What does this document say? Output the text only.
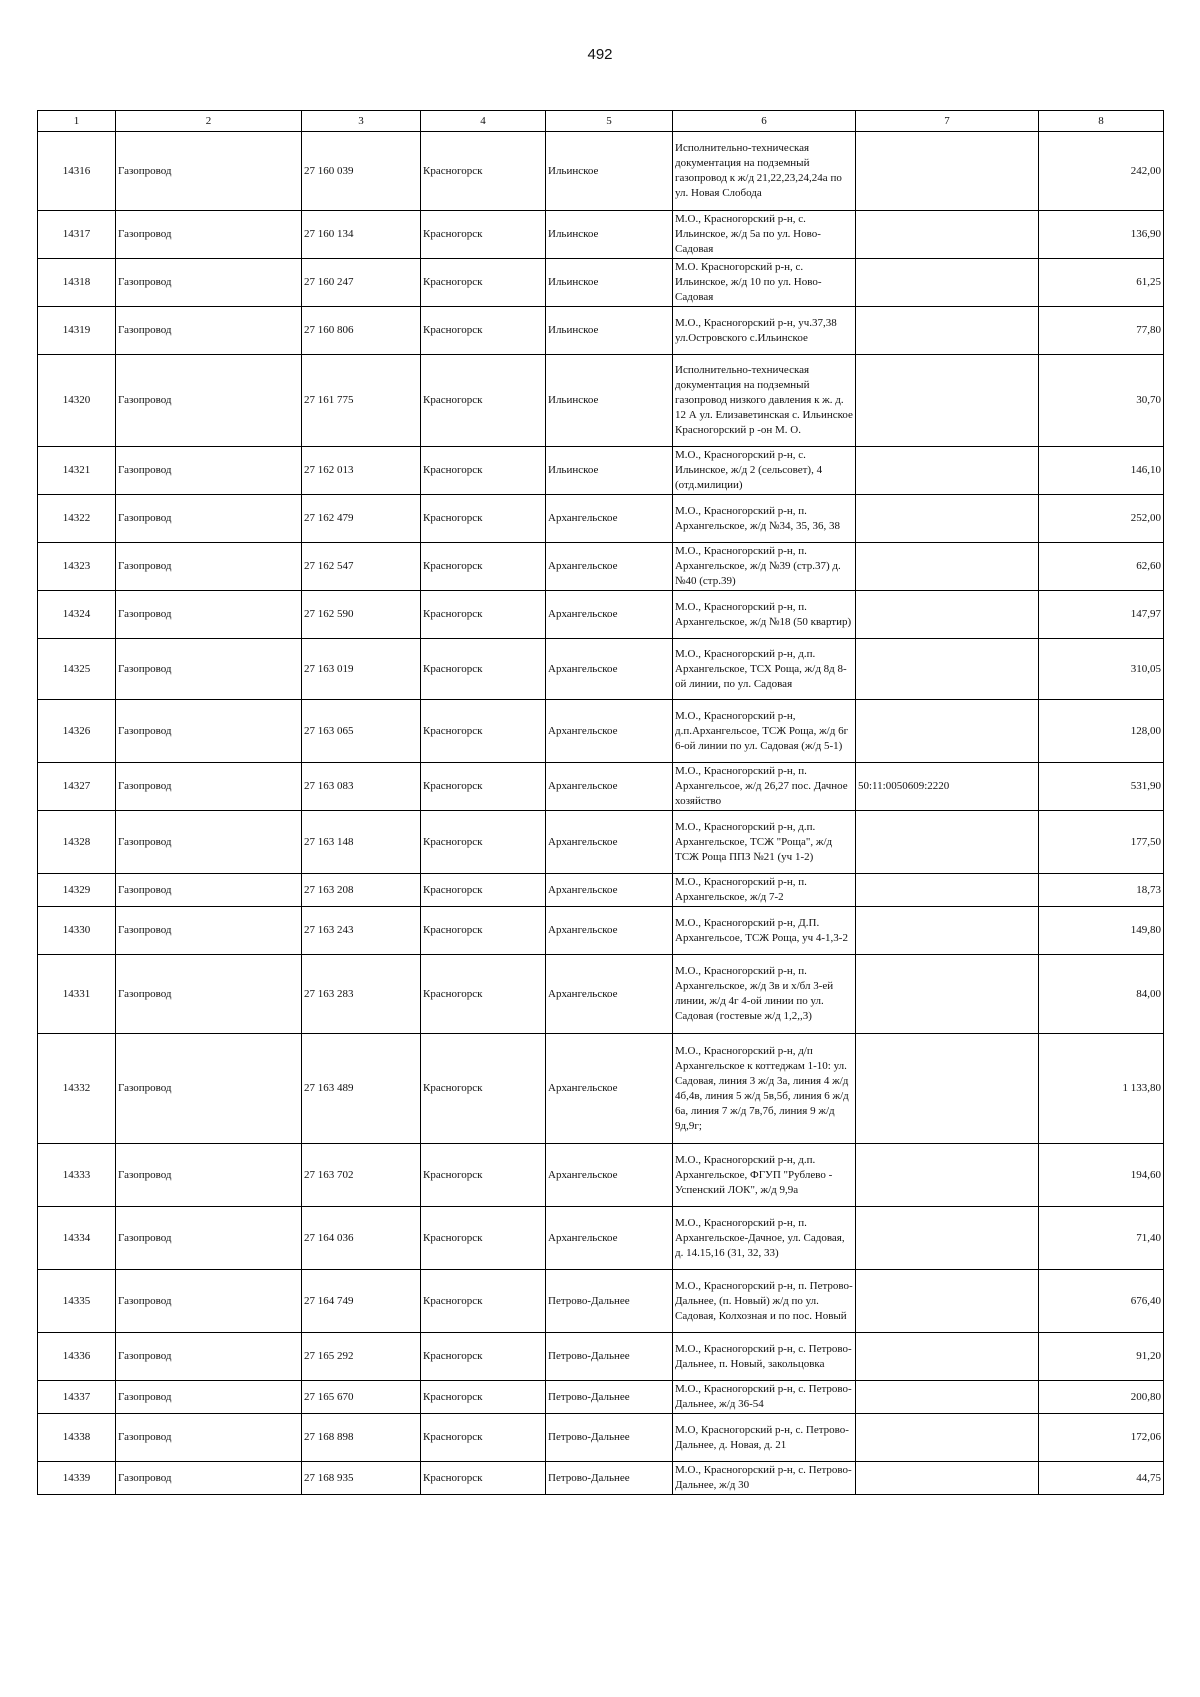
492
1	2	3	4	5	6	7	8
14316	Газопровод	27 160 039	Красногорск	Ильинское	Исполнительно-техническая документация на подземный газопровод к ж/д 21,22,23,24,24а по ул. Новая Слобода		242,00
14317	Газопровод	27 160 134	Красногорск	Ильинское	М.О., Красногорский р-н, с. Ильинское, ж/д 5а по ул. Ново-Садовая		136,90
14318	Газопровод	27 160 247	Красногорск	Ильинское	М.О. Красногорский р-н, с. Ильинское, ж/д 10 по ул. Ново-Садовая		61,25
14319	Газопровод	27 160 806	Красногорск	Ильинское	М.О., Красногорский р-н, уч.37,38 ул.Островского с.Ильинское		77,80
14320	Газопровод	27 161 775	Красногорск	Ильинское	Исполнительно-техническая документация на подземный газопровод низкого давления к ж. д. 12 А ул. Елизаветинская с. Ильинское Красногорский р -он М. О.		30,70
14321	Газопровод	27 162 013	Красногорск	Ильинское	М.О., Красногорский р-н, с. Ильинское, ж/д 2 (сельсовет), 4 (отд.милиции)		146,10
14322	Газопровод	27 162 479	Красногорск	Архангельское	М.О., Красногорский р-н, п. Архангельское, ж/д №34, 35, 36, 38		252,00
14323	Газопровод	27 162 547	Красногорск	Архангельское	М.О., Красногорский р-н, п. Архангельское, ж/д №39 (стр.37) д.№40 (стр.39)		62,60
14324	Газопровод	27 162 590	Красногорск	Архангельское	М.О., Красногорский р-н, п. Архангельское, ж/д №18 (50 квартир)		147,97
14325	Газопровод	27 163 019	Красногорск	Архангельское	М.О., Красногорский р-н, д.п. Архангельское, ТСХ Роща, ж/д 8д 8-ой линии, по ул. Садовая		310,05
14326	Газопровод	27 163 065	Красногорск	Архангельское	М.О., Красногорский р-н, д.п.Архангельсое, ТСЖ Роща, ж/д 6г 6-ой линии по ул. Садовая (ж/д 5-1)		128,00
14327	Газопровод	27 163 083	Красногорск	Архангельское	М.О., Красногорский р-н, п. Архангельсое, ж/д 26,27 пос. Дачное хозяйство	50:11:0050609:2220	531,90
14328	Газопровод	27 163 148	Красногорск	Архангельское	М.О., Красногорский р-н, д.п. Архангельское, ТСЖ "Роща", ж/д ТСЖ Роща ППЗ №21 (уч 1-2)		177,50
14329	Газопровод	27 163 208	Красногорск	Архангельское	М.О., Красногорский р-н, п. Архангельское, ж/д 7-2		18,73
14330	Газопровод	27 163 243	Красногорск	Архангельское	М.О., Красногорский р-н, Д.П. Архангельсое, ТСЖ Роща, уч 4-1,3-2		149,80
14331	Газопровод	27 163 283	Красногорск	Архангельское	М.О., Красногорский р-н, п. Архангельское, ж/д 3в и х/бл 3-ей линии, ж/д 4г 4-ой линии по ул. Садовая (гостевые ж/д 1,2,,3)		84,00
14332	Газопровод	27 163 489	Красногорск	Архангельское	М.О., Красногорский р-н, д/п Архангельское к коттеджам 1-10: ул. Садовая, линия 3 ж/д 3а, линия 4 ж/д 4б,4в, линия 5 ж/д 5в,5б, линия 6 ж/д 6а, линия 7 ж/д 7в,7б, линия 9 ж/д 9д,9г;		1 133,80
14333	Газопровод	27 163 702	Красногорск	Архангельское	М.О., Красногорский р-н, д.п. Архангельское, ФГУП "Рублево - Успенский ЛОК", ж/д 9,9а		194,60
14334	Газопровод	27 164 036	Красногорск	Архангельское	М.О., Красногорский р-н, п. Архангельское-Дачное, ул. Садовая, д. 14.15,16 (31, 32, 33)		71,40
14335	Газопровод	27 164 749	Красногорск	Петрово-Дальнее	М.О., Красногорский р-н, п. Петрово-Дальнее, (п. Новый) ж/д по ул. Садовая, Колхозная и по пос. Новый		676,40
14336	Газопровод	27 165 292	Красногорск	Петрово-Дальнее	М.О., Красногорский р-н, с. Петрово-Дальнее, п. Новый, закольцовка		91,20
14337	Газопровод	27 165 670	Красногорск	Петрово-Дальнее	М.О., Красногорский р-н, с. Петрово-Дальнее, ж/д 36-54		200,80
14338	Газопровод	27 168 898	Красногорск	Петрово-Дальнее	М.О, Красногорский р-н, с. Петрово-Дальнее, д. Новая, д. 21		172,06
14339	Газопровод	27 168 935	Красногорск	Петрово-Дальнее	М.О., Красногорский р-н, с. Петрово-Дальнее, ж/д 30		44,75
